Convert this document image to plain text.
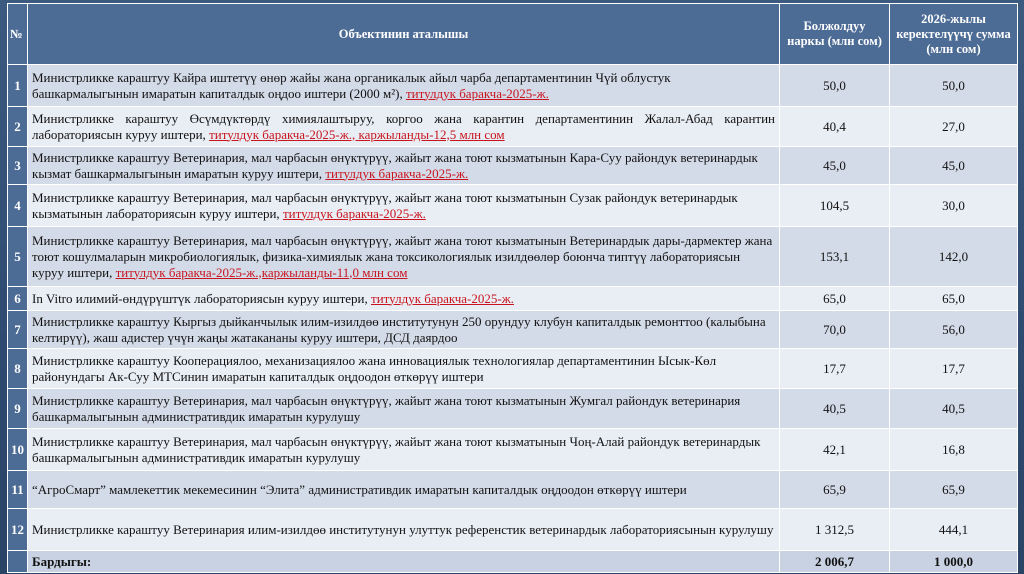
№	Объектинин аталышы	Болжолдуу наркы (млн сом)	2026-жылы керектелүүчү сумма (млн сом)
1	Министрликке караштуу Кайра иштетүү өнөр жайы жана органикалык айыл чарба департаментинин Чүй облустук башкармалыгынын имаратын капиталдык оңдоо иштери (2000 м²), титулдук баракча-2025-ж.	50,0	50,0
2	Министрликке караштуу Өсүмдүктөрдү химиялаштыруу, коргоо жана карантин департаментинин Жалал-Абад карантин лабораториясын куруу иштери, титулдук баракча-2025-ж., каржыланды-12,5 млн сом	40,4	27,0
3	Министрликке караштуу Ветеринария, мал чарбасын өнүктүрүү, жайыт жана тоют кызматынын Кара-Суу райондук ветеринардык кызмат башкармалыгынын имаратын куруу иштери, титулдук баракча-2025-ж.	45,0	45,0
4	Министрликке караштуу Ветеринария, мал чарбасын өнүктүрүү, жайыт жана тоют кызматынын Сузак райондук ветеринардык кызматынын лабораториясын куруу иштери, титулдук баракча-2025-ж.	104,5	30,0
5	Министрликке караштуу Ветеринария, мал чарбасын өнүктүрүү, жайыт жана тоют кызматынын Ветеринардык дары-дармектер жана тоют кошулмаларын микробиологиялык, физика-химиялык жана токсикологиялык изилдөөлөр боюнча типтүү лабораториясын куруу иштери, титулдук баракча-2025-ж.,каржыланды-11,0 млн сом	153,1	142,0
6	In Vitro илимий-өндүрүштүк лабораториясын куруу иштери, титулдук баракча-2025-ж.	65,0	65,0
7	Министрликке караштуу Кыргыз дыйканчылык илим-изилдөө институтунун 250 орундуу клубун капиталдык ремонттоо (калыбына келтирүү), жаш адистер үчүн жаңы жатакананы куруу иштери, ДСД даярдоо	70,0	56,0
8	Министрликке караштуу Кооперациялоо, механизациялоо жана инновациялык технологиялар департаментинин Ысык-Көл районундагы Ак-Суу МТСинин имаратын капиталдык оңдоодон өткөрүү иштери	17,7	17,7
9	Министрликке караштуу Ветеринария, мал чарбасын өнүктүрүү, жайыт жана тоют кызматынын Жумгал райондук ветеринария башкармалыгынын административдик имаратын курулушу	40,5	40,5
10	Министрликке караштуу Ветеринария, мал чарбасын өнүктүрүү, жайыт жана тоют кызматынын Чоң-Алай райондук ветеринардык башкармалыгынын административдик имаратын курулушу	42,1	16,8
11	“АгроСмарт” мамлекеттик мекемесинин “Элита” административдик имаратын капиталдык оңдоодон өткөрүү иштери	65,9	65,9
12	Министрликке караштуу Ветеринария илим-изилдөө институтунун улуттук референстик ветеринардык лабораториясынын курулушу	1 312,5	444,1
	Бардыгы:	2 006,7	1 000,0
